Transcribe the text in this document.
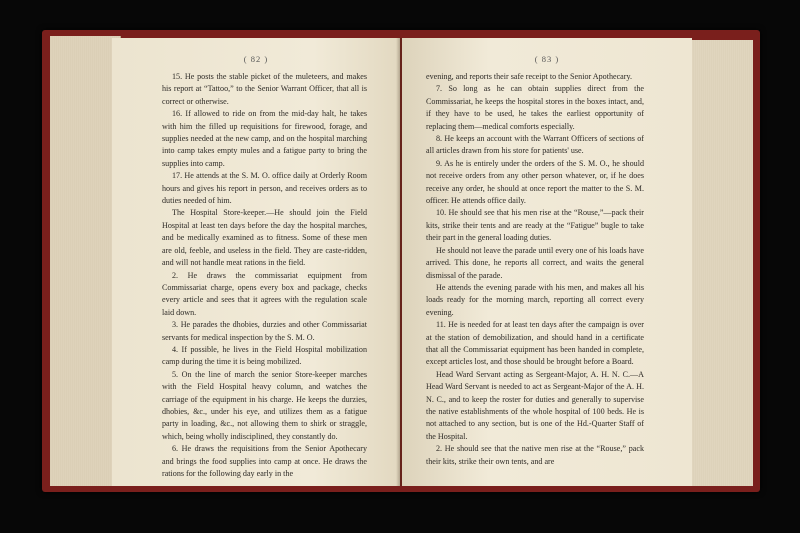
( 82 )

15. He posts the stable picket of the muleteers, and makes his report at “Tattoo,” to the Senior Warrant Officer, that all is correct or otherwise.

16. If allowed to ride on from the mid-day halt, he takes with him the filled up requisitions for firewood, forage, and supplies needed at the new camp, and on the hospital marching into camp takes empty mules and a fatigue party to bring the supplies into camp.

17. He attends at the S. M. O. office daily at Orderly Room hours and gives his report in person, and receives orders as to duties needed of him.

The Hospital Store-keeper.—He should join the Field Hospital at least ten days before the day the hospital marches, and be medically examined as to fitness. Some of these men are old, feeble, and useless in the field. They are caste-ridden, and will not handle meat rations in the field.

2. He draws the commissariat equipment from Commissariat charge, opens every box and package, checks every article and sees that it agrees with the regulation scale laid down.

3. He parades the dhobies, durzies and other Commissariat servants for medical inspection by the S. M. O.

4. If possible, he lives in the Field Hospital mobilization camp during the time it is being mobilized.

5. On the line of march the senior Store-keeper marches with the Field Hospital heavy column, and watches the carriage of the equipment in his charge. He keeps the durzies, dhobies, &c., under his eye, and utilizes them as a fatigue party in loading, &c., not allowing them to shirk or straggle, which, being wholly indisciplined, they constantly do.

6. He draws the requisitions from the Senior Apothecary and brings the food supplies into camp at once. He draws the rations for the following day early in the

( 83 )

evening, and reports their safe receipt to the Senior Apothecary.

7. So long as he can obtain supplies direct from the Commissariat, he keeps the hospital stores in the boxes intact, and, if they have to be used, he takes the earliest opportunity of replacing them—medical comforts especially.

8. He keeps an account with the Warrant Officers of sections of all articles drawn from his store for patients' use.

9. As he is entirely under the orders of the S. M. O., he should not receive orders from any other person whatever, or, if he does receive any order, he should at once report the matter to the S. M. officer. He attends office daily.

10. He should see that his men rise at the “Rouse,”—pack their kits, strike their tents and are ready at the “Fatigue” bugle to take their part in the general loading duties.

He should not leave the parade until every one of his loads have arrived. This done, he reports all correct, and waits the general dismissal of the parade.

He attends the evening parade with his men, and makes all his loads ready for the morning march, reporting all correct every evening.

11. He is needed for at least ten days after the campaign is over at the station of demobilization, and should hand in a certificate that all the Commissariat equipment has been handed in complete, except articles lost, and those should be brought before a Board.

Head Ward Servant acting as Sergeant-Major, A. H. N. C.—A Head Ward Servant is needed to act as Sergeant-Major of the A. H. N. C., and to keep the roster for duties and generally to supervise the native establishments of the whole hospital of 100 beds. He is not attached to any section, but is one of the Hd.-Quarter Staff of the Hospital.

2. He should see that the native men rise at the “Rouse,” pack their kits, strike their own tents, and are
